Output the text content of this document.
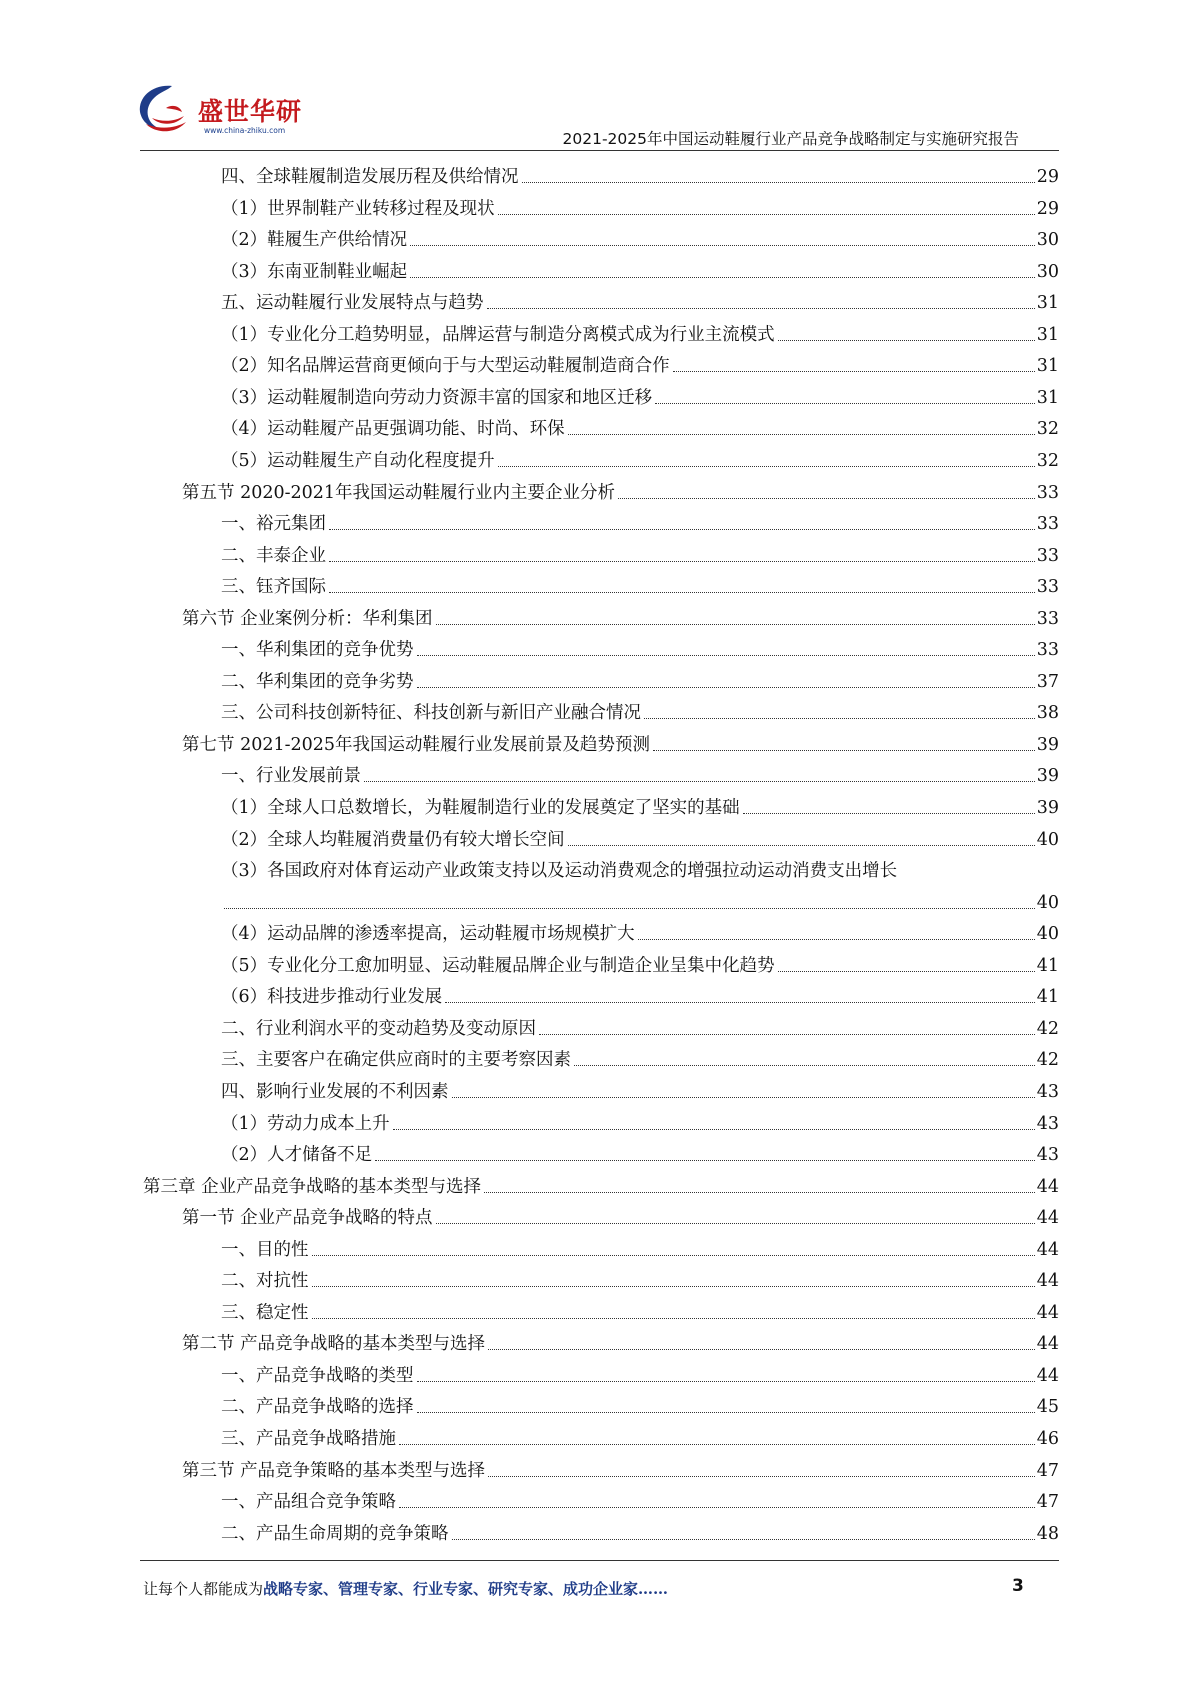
盛世华研
www.china-zhiku.com	2021-2025年中国运动鞋履行业产品竞争战略制定与实施研究报告
四、全球鞋履制造发展历程及供给情况	29
（1）世界制鞋产业转移过程及现状	29
（2）鞋履生产供给情况	30
（3）东南亚制鞋业崛起	30
五、运动鞋履行业发展特点与趋势	31
（1）专业化分工趋势明显，品牌运营与制造分离模式成为行业主流模式	31
（2）知名品牌运营商更倾向于与大型运动鞋履制造商合作	31
（3）运动鞋履制造向劳动力资源丰富的国家和地区迁移	31
（4）运动鞋履产品更强调功能、时尚、环保	32
（5）运动鞋履生产自动化程度提升	32
第五节 2020-2021年我国运动鞋履行业内主要企业分析	33
一、裕元集团	33
二、丰泰企业	33
三、钰齐国际	33
第六节 企业案例分析：华利集团	33
一、华利集团的竞争优势	33
二、华利集团的竞争劣势	37
三、公司科技创新特征、科技创新与新旧产业融合情况	38
第七节 2021-2025年我国运动鞋履行业发展前景及趋势预测	39
一、行业发展前景	39
（1）全球人口总数增长，为鞋履制造行业的发展奠定了坚实的基础	39
（2）全球人均鞋履消费量仍有较大增长空间	40
（3）各国政府对体育运动产业政策支持以及运动消费观念的增强拉动运动消费支出增长
40
（4）运动品牌的渗透率提高，运动鞋履市场规模扩大	40
（5）专业化分工愈加明显、运动鞋履品牌企业与制造企业呈集中化趋势	41
（6）科技进步推动行业发展	41
二、行业利润水平的变动趋势及变动原因	42
三、主要客户在确定供应商时的主要考察因素	42
四、影响行业发展的不利因素	43
（1）劳动力成本上升	43
（2）人才储备不足	43
第三章 企业产品竞争战略的基本类型与选择	44
第一节 企业产品竞争战略的特点	44
一、目的性	44
二、对抗性	44
三、稳定性	44
第二节 产品竞争战略的基本类型与选择	44
一、产品竞争战略的类型	44
二、产品竞争战略的选择	45
三、产品竞争战略措施	46
第三节 产品竞争策略的基本类型与选择	47
一、产品组合竞争策略	47
二、产品生命周期的竞争策略	48
让每个人都能成为战略专家、管理专家、行业专家、研究专家、成功企业家……	3
